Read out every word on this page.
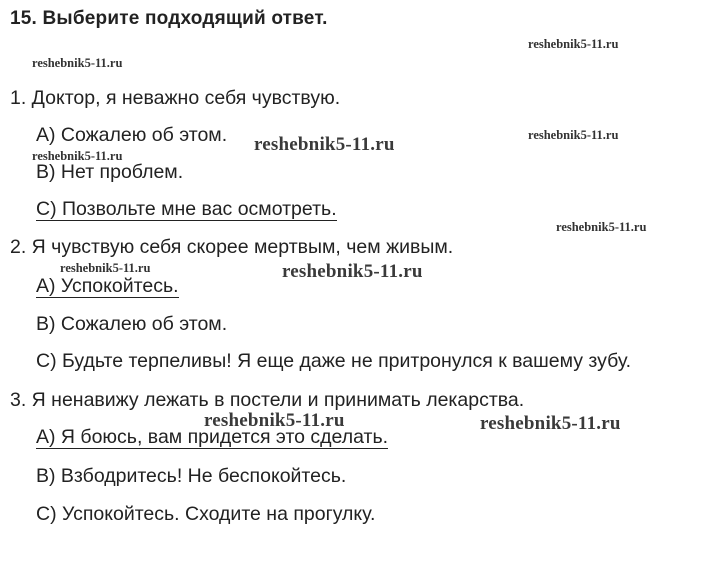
15. Выберите подходящий ответ.
1. Доктор, я неважно себя чувствую.
A) Сожалею об этом.
B) Нет проблем.
C) Позвольте мне вас осмотреть.
2. Я чувствую себя скорее мертвым, чем живым.
A) Успокойтесь.
B) Сожалею об этом.
C) Будьте терпеливы! Я еще даже не притронулся к вашему зубу.
3. Я ненавижу лежать в постели и принимать лекарства.
A) Я боюсь, вам придется это сделать.
B) Взбодритесь! Не беспокойтесь.
C) Успокойтесь. Сходите на прогулку.
reshebnik5-11.ru
reshebnik5-11.ru
reshebnik5-11.ru	reshebnik5-11.ru
reshebnik5-11.ru
reshebnik5-11.ru
reshebnik5-11.ru	reshebnik5-11.ru
reshebnik5-11.ru	reshebnik5-11.ru
